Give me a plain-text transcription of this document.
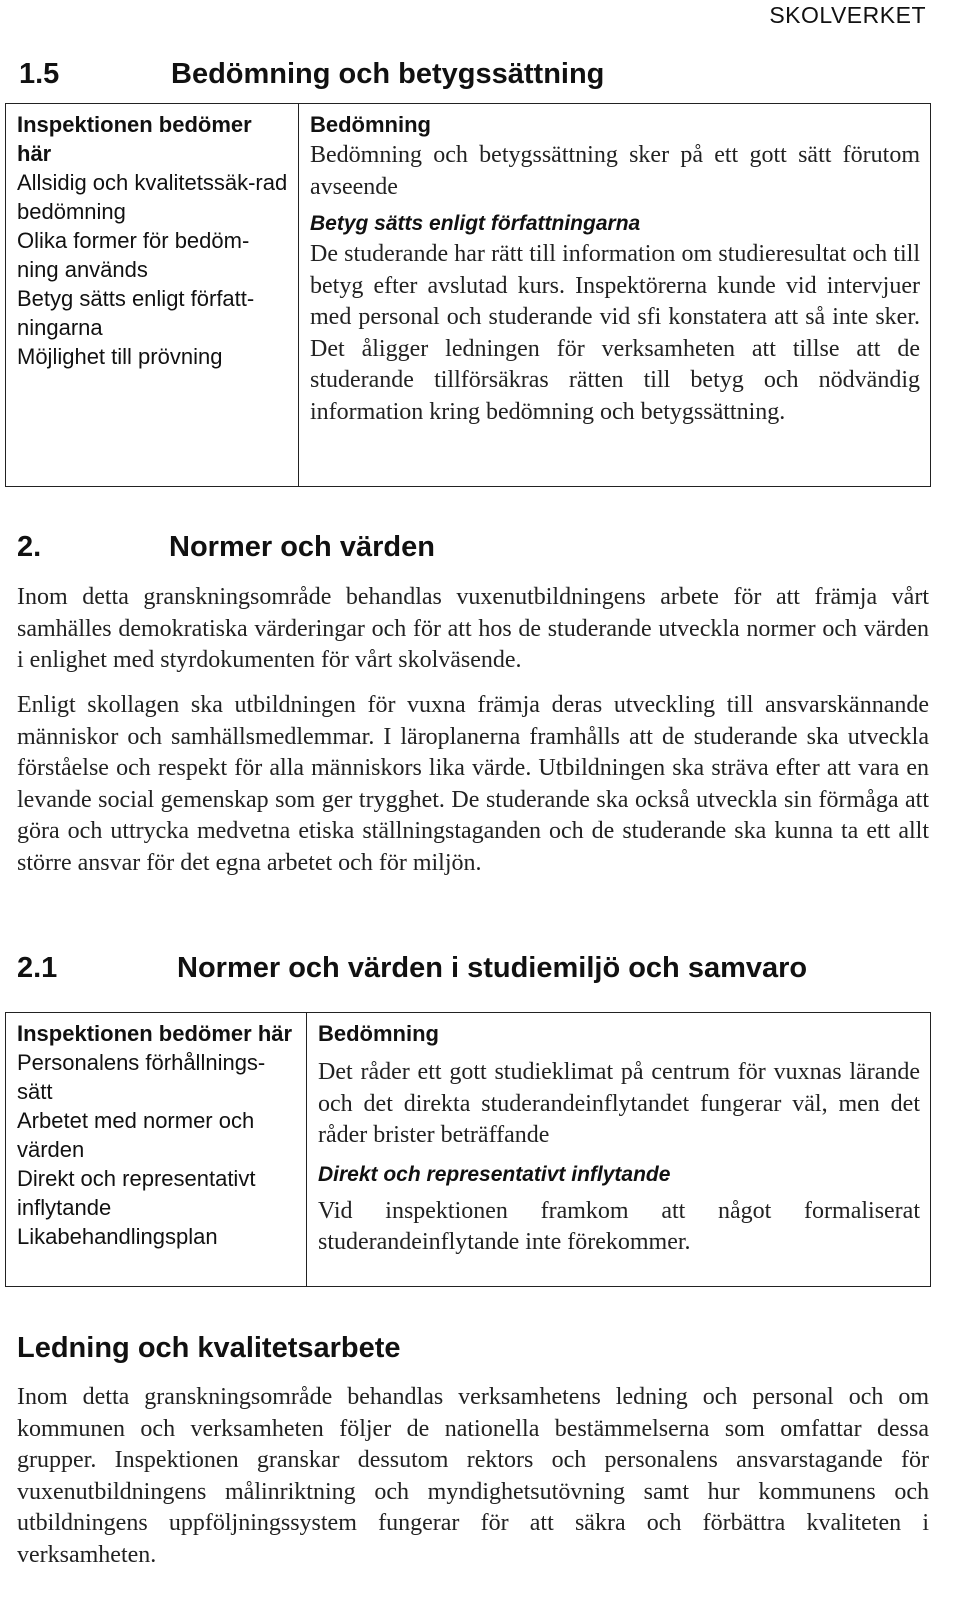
SKOLVERKET
1.5	Bedömning och betygssättning
Inspektionen bedömer här
Allsidig och kvalitetssäk-rad bedömning
Olika former för bedöm-ning används
Betyg sätts enligt författ-ningarna
Möjlighet till prövning

Bedömning

Bedömning och betygssättning sker på ett gott sätt förutom avseende

Betyg sätts enligt författningarna

De studerande har rätt till information om studieresultat och till betyg efter avslutad kurs. Inspektörerna kunde vid intervjuer med personal och studerande vid sfi konstatera att så inte sker. Det åligger ledningen för verksamheten att tillse att de studerande tillförsäkras rätten till betyg och nödvändig information kring bedömning och betygssättning.

2.	Normer och värden

Inom detta granskningsområde behandlas vuxenutbildningens arbete för att främja vårt samhälles demokratiska värderingar och för att hos de studerande utveckla normer och värden i enlighet med styrdokumenten för vårt skolväsende.

Enligt skollagen ska utbildningen för vuxna främja deras utveckling till ansvarskännande människor och samhällsmedlemmar. I läroplanerna framhålls att de studerande ska utveckla förståelse och respekt för alla människors lika värde. Utbildningen ska sträva efter att vara en levande social gemenskap som ger trygghet. De studerande ska också utveckla sin förmåga att göra och uttrycka medvetna etiska ställningstaganden och de studerande ska kunna ta ett allt större ansvar för det egna arbetet och för miljön.

2.1	Normer och värden i studiemiljö och samvaro
Inspektionen bedömer här
Personalens förhållnings-sätt
Arbetet med normer och värden
Direkt och representativt inflytande
Likabehandlingsplan

Bedömning

Det råder ett gott studieklimat på centrum för vuxnas lärande och det direkta studerandeinflytandet fungerar väl, men det råder brister beträffande

Direkt och representativt inflytande

Vid inspektionen framkom att något formaliserat studerandeinflytande inte förekommer.

Ledning och kvalitetsarbete

Inom detta granskningsområde behandlas verksamhetens ledning och personal och om kommunen och verksamheten följer de nationella bestämmelserna som omfattar dessa grupper. Inspektionen granskar dessutom rektors och personalens ansvarstagande för vuxenutbildningens målinriktning och myndighetsutövning samt hur kommunens och utbildningens uppföljningssystem fungerar för att säkra och förbättra kvaliteten i verksamheten.
